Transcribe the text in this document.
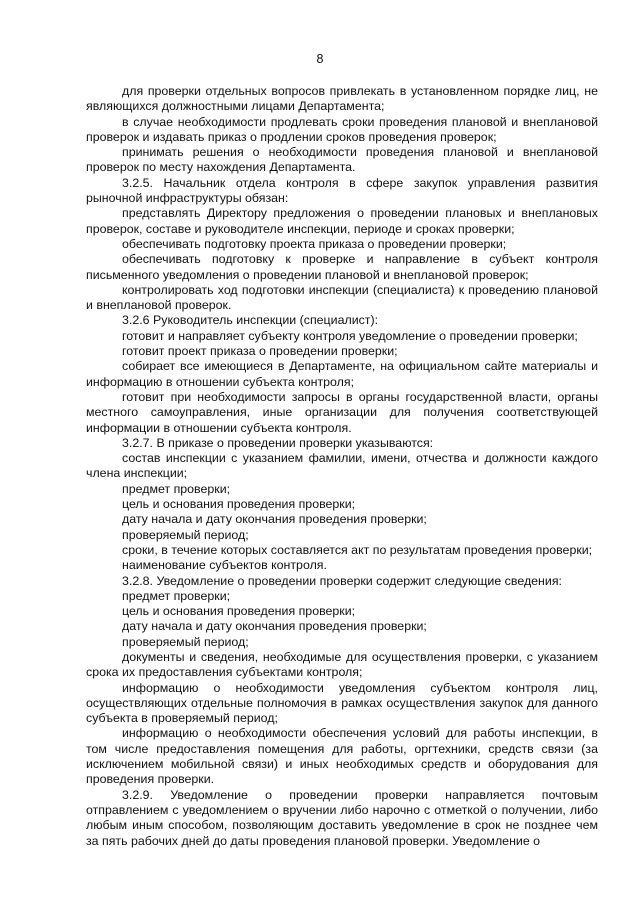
8

для проверки отдельных вопросов привлекать в установленном порядке лиц, не являющихся должностными лицами Департамента;

в случае необходимости продлевать сроки проведения плановой и внеплановой проверок и издавать приказ о продлении сроков проведения проверок;

принимать решения о необходимости проведения плановой и внеплановой проверок по месту нахождения Департамента.

3.2.5. Начальник отдела контроля в сфере закупок управления развития рыночной инфраструктуры обязан:

представлять Директору предложения о проведении плановых и внеплановых проверок, составе и руководителе инспекции, периоде и сроках проверки;

обеспечивать подготовку проекта приказа о проведении проверки;

обеспечивать подготовку к проверке и направление в субъект контроля письменного уведомления о проведении плановой и внеплановой проверок;

контролировать ход подготовки инспекции (специалиста) к проведению плановой и внеплановой проверок.

3.2.6 Руководитель инспекции (специалист):

готовит и направляет субъекту контроля уведомление о проведении проверки;

готовит проект приказа о проведении проверки;

собирает все имеющиеся в Департаменте, на официальном сайте материалы и информацию в отношении субъекта контроля;

готовит при необходимости запросы в органы государственной власти, органы местного самоуправления, иные организации для получения соответствующей информации в отношении субъекта контроля.

3.2.7. В приказе о проведении проверки указываются:

состав инспекции с указанием фамилии, имени, отчества и должности каждого члена инспекции;

предмет проверки;

цель и основания проведения проверки;

дату начала и дату окончания проведения проверки;

проверяемый период;

сроки, в течение которых составляется акт по результатам проведения проверки;

наименование субъектов контроля.

3.2.8. Уведомление о проведении проверки содержит следующие сведения:

предмет проверки;

цель и основания проведения проверки;

дату начала и дату окончания проведения проверки;

проверяемый период;

документы и сведения, необходимые для осуществления проверки, с указанием срока их предоставления субъектами контроля;

информацию о необходимости уведомления субъектом контроля лиц, осуществляющих отдельные полномочия в рамках осуществления закупок для данного субъекта в проверяемый период;

информацию о необходимости обеспечения условий для работы инспекции, в том числе предоставления помещения для работы, оргтехники, средств связи (за исключением мобильной связи) и иных необходимых средств и оборудования для проведения проверки.

3.2.9. Уведомление о проведении проверки направляется почтовым отправлением с уведомлением о вручении либо нарочно с отметкой о получении, либо любым иным способом, позволяющим доставить уведомление в срок не позднее чем за пять рабочих дней до даты проведения плановой проверки. Уведомление о
